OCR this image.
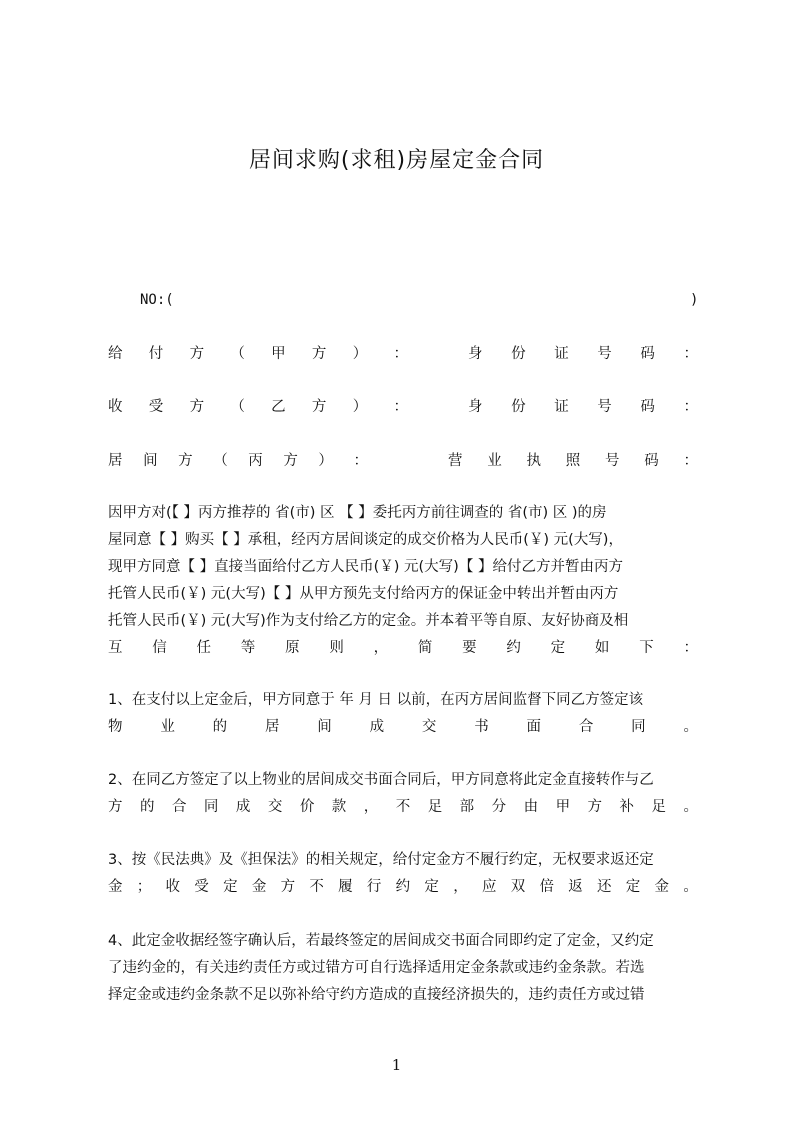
居间求购(求租)房屋定金合同
NO:(	)
给 付 方 （ 甲 方 ） ：	身 份 证 号 码 ：
收 受 方 （ 乙 方 ） ：	身 份 证 号 码 ：
居 间 方 （ 丙 方 ） ：	营 业 执 照 号 码 ：
因甲方对(【 】丙方推荐的 省(市) 区 【 】委托丙方前往调查的 省(市) 区 )的房
屋同意【 】购买【 】承租，经丙方居间谈定的成交价格为人民币(￥) 元(大写)，
现甲方同意【 】直接当面给付乙方人民币(￥) 元(大写)【 】给付乙方并暂由丙方
托管人民币(￥) 元(大写)【 】从甲方预先支付给丙方的保证金中转出并暂由丙方
托管人民币(￥) 元(大写)作为支付给乙方的定金。并本着平等自原、友好协商及相
互 信 任 等 原 则 ， 简 要 约 定 如 下 ：
1、在支付以上定金后，甲方同意于 年 月 日 以前，在丙方居间监督下同乙方签定该
物	业	的	居	间	成	交	书	面	合	同	。
2、在同乙方签定了以上物业的居间成交书面合同后，甲方同意将此定金直接转作与乙
方 的 合 同 成 交 价 款 ， 不 足 部 分 由 甲 方 补 足 。
3、按《民法典》及《担保法》的相关规定，给付定金方不履行约定，无权要求返还定
金 ； 收 受 定 金 方 不 履 行 约 定 ， 应 双 倍 返 还 定 金 。
4、此定金收据经签字确认后，若最终签定的居间成交书面合同即约定了定金，又约定
了违约金的，有关违约责任方或过错方可自行选择适用定金条款或违约金条款。若选
择定金或违约金条款不足以弥补给守约方造成的直接经济损失的，违约责任方或过错
1
